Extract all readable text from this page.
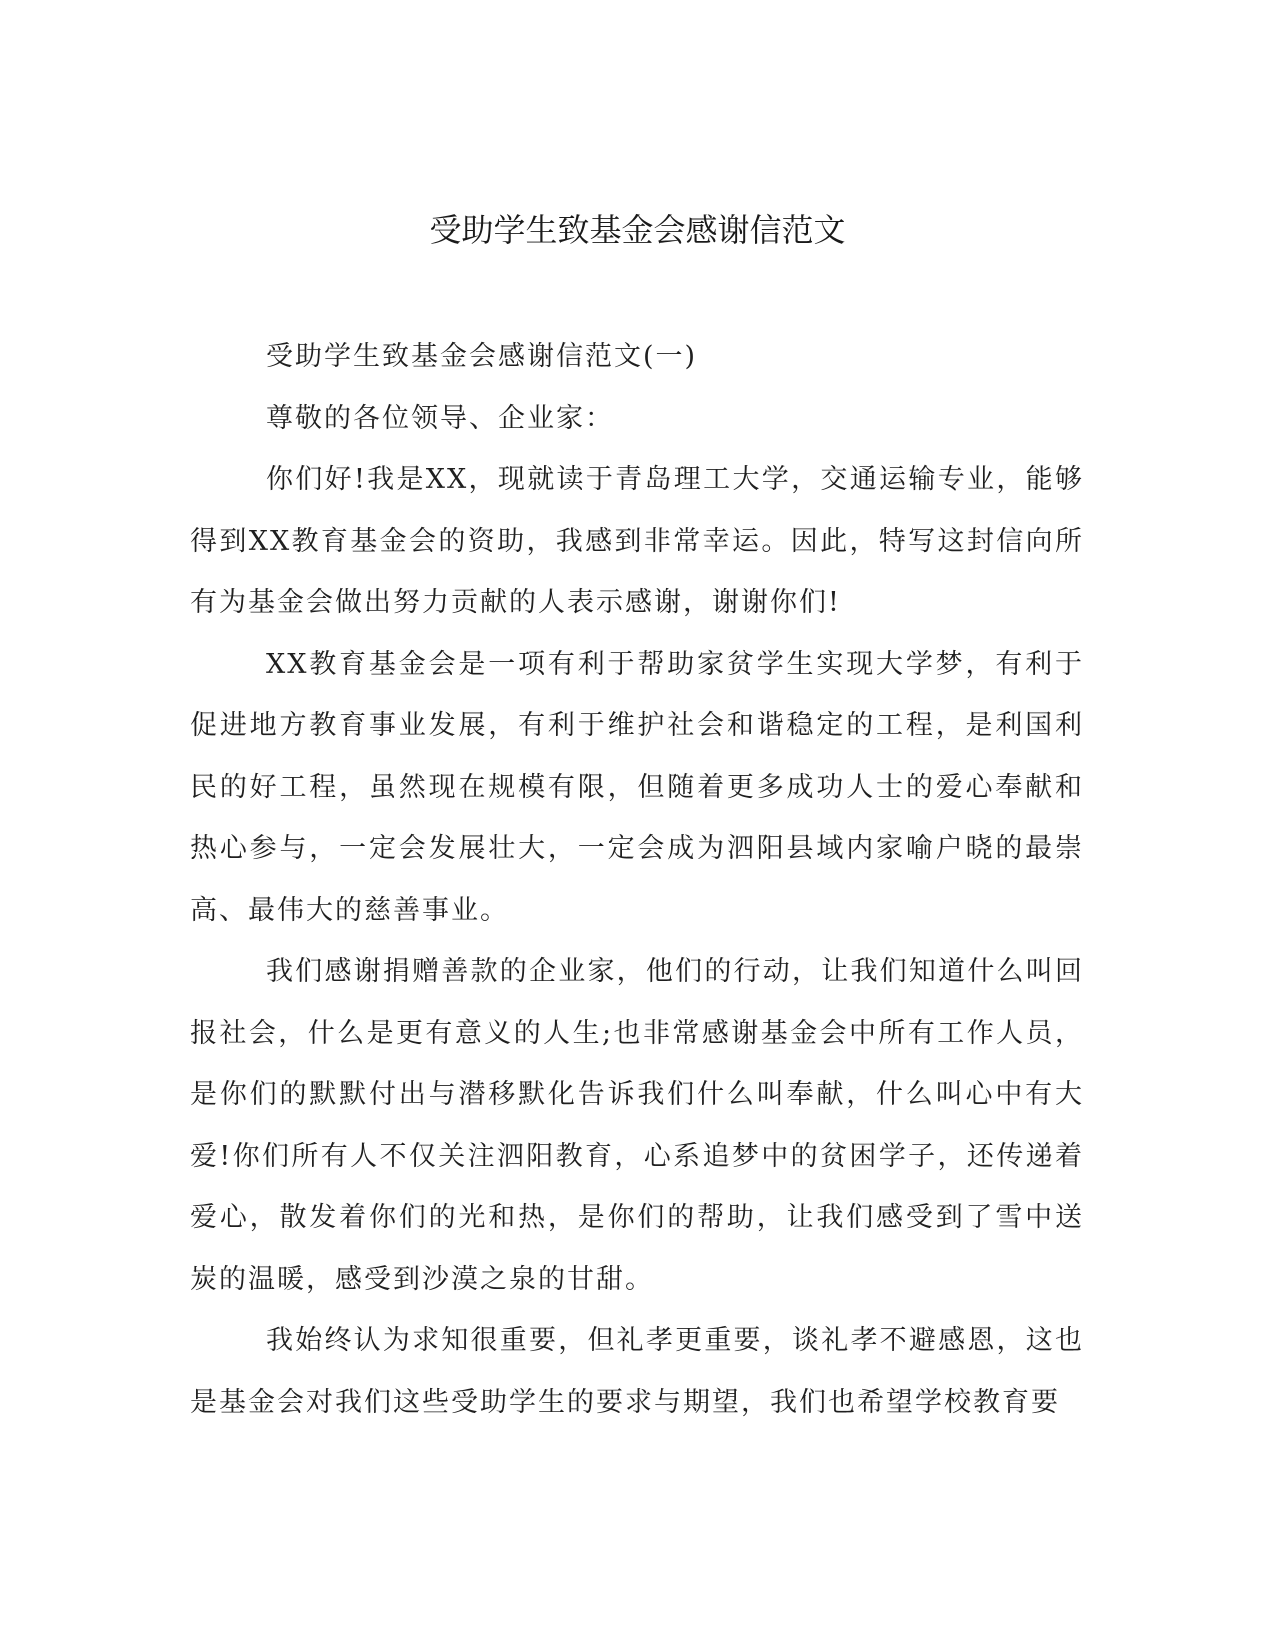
受助学生致基金会感谢信范文

受助学生致基金会感谢信范文(一)

尊敬的各位领导、企业家：

你们好!我是XX，现就读于青岛理工大学，交通运输专业，能够得到XX教育基金会的资助，我感到非常幸运。因此，特写这封信向所有为基金会做出努力贡献的人表示感谢，谢谢你们!

XX教育基金会是一项有利于帮助家贫学生实现大学梦，有利于促进地方教育事业发展，有利于维护社会和谐稳定的工程，是利国利民的好工程，虽然现在规模有限，但随着更多成功人士的爱心奉献和热心参与，一定会发展壮大，一定会成为泗阳县域内家喻户晓的最崇高、最伟大的慈善事业。

我们感谢捐赠善款的企业家，他们的行动，让我们知道什么叫回报社会，什么是更有意义的人生;也非常感谢基金会中所有工作人员，是你们的默默付出与潜移默化告诉我们什么叫奉献，什么叫心中有大爱!你们所有人不仅关注泗阳教育，心系追梦中的贫困学子，还传递着爱心，散发着你们的光和热，是你们的帮助，让我们感受到了雪中送炭的温暖，感受到沙漠之泉的甘甜。

我始终认为求知很重要，但礼孝更重要，谈礼孝不避感恩，这也是基金会对我们这些受助学生的要求与期望，我们也希望学校教育要
